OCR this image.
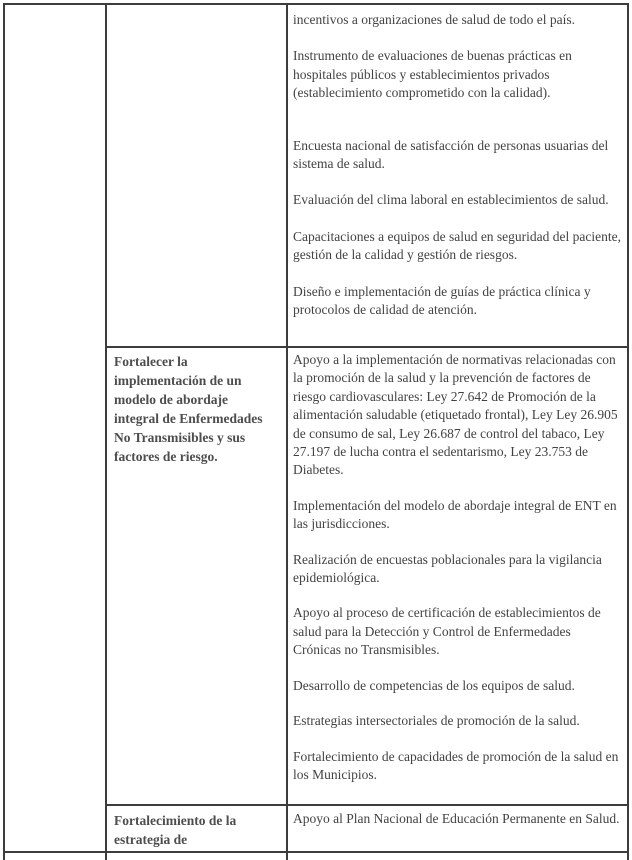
incentivos a organizaciones de salud de todo el país.

Instrumento de evaluaciones de buenas prácticas en hospitales públicos y establecimientos privados (establecimiento comprometido con la calidad).

Encuesta nacional de satisfacción de personas usuarias del sistema de salud.

Evaluación del clima laboral en establecimientos de salud.

Capacitaciones a equipos de salud en seguridad del paciente, gestión de la calidad y gestión de riesgos.

Diseño e implementación de guías de práctica clínica y protocolos de calidad de atención.

Fortalecer la implementación de un modelo de abordaje integral de Enfermedades No Transmisibles y sus factores de riesgo.

Apoyo a la implementación de normativas relacionadas con la promoción de la salud y la prevención de factores de riesgo cardiovasculares: Ley 27.642 de Promoción de la alimentación saludable (etiquetado frontal), Ley Ley 26.905 de consumo de sal, Ley 26.687 de control del tabaco, Ley 27.197 de lucha contra el sedentarismo, Ley 23.753 de Diabetes.

Implementación del modelo de abordaje integral de ENT en las jurisdicciones.

Realización de encuestas poblacionales para la vigilancia epidemiológica.

Apoyo al proceso de certificación de establecimientos de salud para la Detección y Control de Enfermedades Crónicas no Transmisibles.

Desarrollo de competencias de los equipos de salud.

Estrategias intersectoriales de promoción de la salud.

Fortalecimiento de capacidades de promoción de la salud en los Municipios.

Fortalecimiento de la estrategia de

Apoyo al Plan Nacional de Educación Permanente en Salud.
